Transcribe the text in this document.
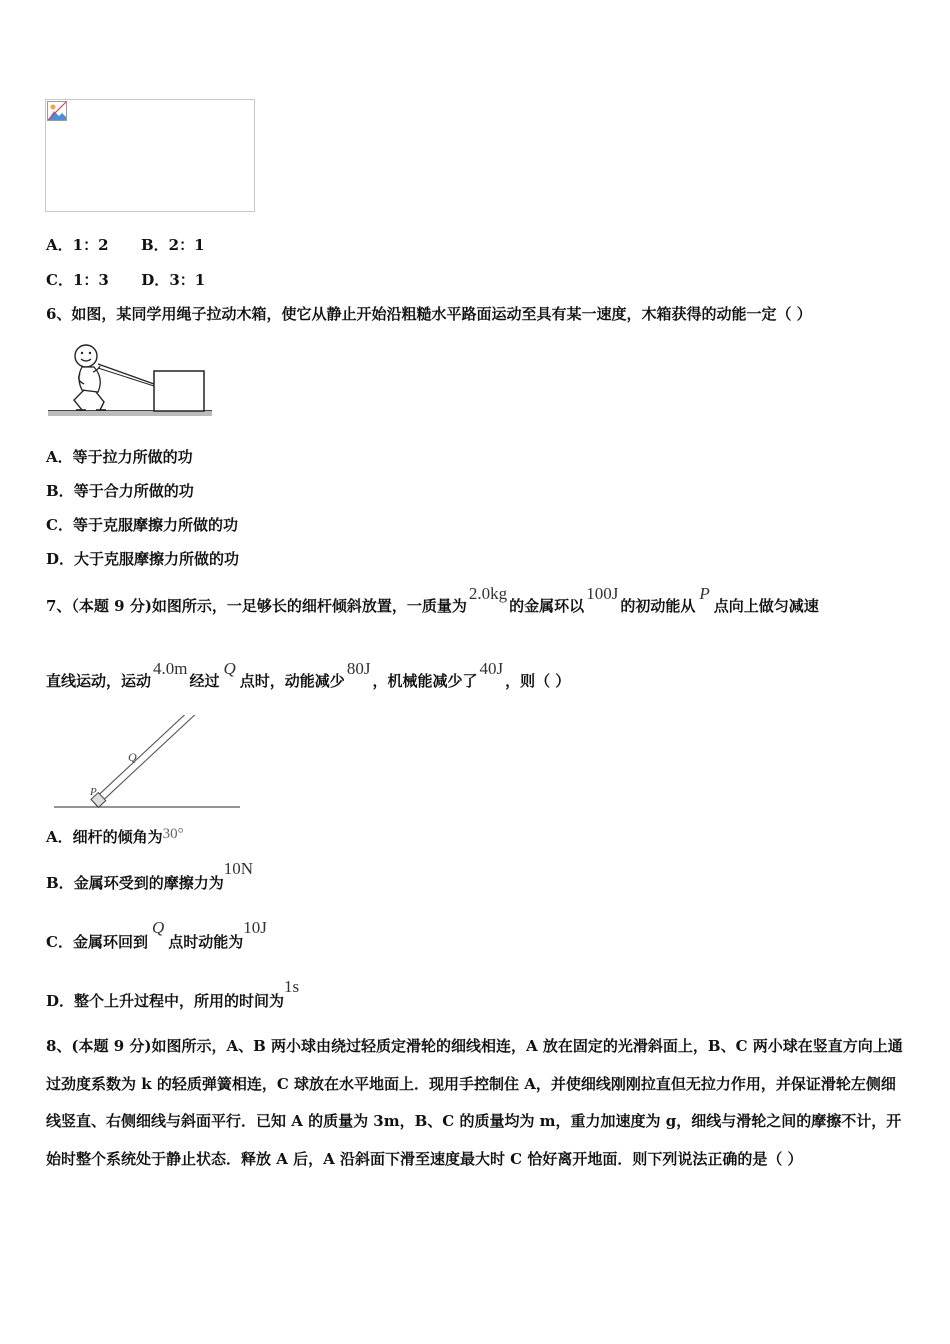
A．1：2 B．2：1
C．1：3 D．3：1
6、如图，某同学用绳子拉动木箱，使它从静止开始沿粗糙水平路面运动至具有某一速度，木箱获得的动能一定（ ）
A．等于拉力所做的功
B．等于合力所做的功
C．等于克服摩擦力所做的功
D．大于克服摩擦力所做的功
7、（本题 9 分)如图所示，一足够长的细杆倾斜放置，一质量为2.0kg的金属环以100J的初动能从P点向上做匀减速
直线运动，运动4.0m经过Q点时，动能减少80J，机械能减少了40J，则（ ）
Q
P
A．细杆的倾角为30°
B．金属环受到的摩擦力为10N
C．金属环回到Q点时动能为10J
D．整个上升过程中，所用的时间为1s
8、(本题 9 分)如图所示，A、B 两小球由绕过轻质定滑轮的细线相连，A 放在固定的光滑斜面上，B、C 两小球在竖直方向上通过劲度系数为 k 的轻质弹簧相连，C 球放在水平地面上．现用手控制住 A，并使细线刚刚拉直但无拉力作用，并保证滑轮左侧细线竖直、右侧细线与斜面平行．已知 A 的质量为 3m，B、C 的质量均为 m，重力加速度为 g，细线与滑轮之间的摩擦不计，开始时整个系统处于静止状态．释放 A 后，A 沿斜面下滑至速度最大时 C 恰好离开地面．则下列说法正确的是（ ）
